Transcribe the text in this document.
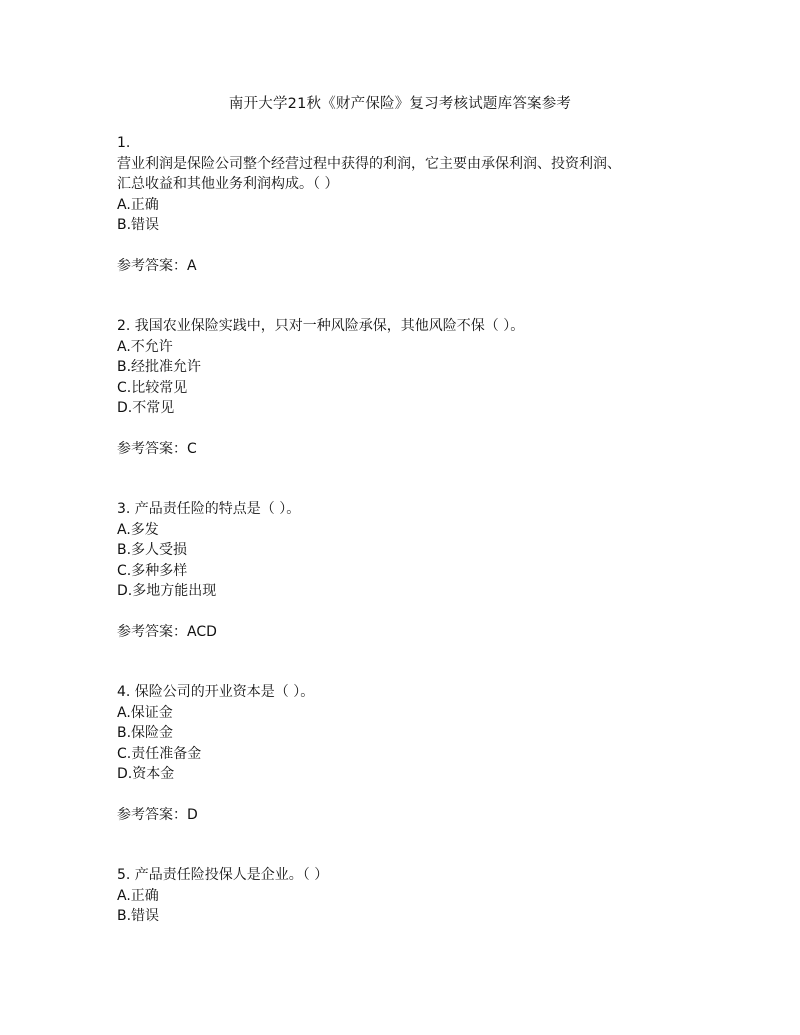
南开大学21秋《财产保险》复习考核试题库答案参考
1.
营业利润是保险公司整个经营过程中获得的利润，它主要由承保利润、投资利润、
汇总收益和其他业务利润构成。（ ）
A.正确
B.错误
参考答案：A
2. 我国农业保险实践中，只对一种风险承保，其他风险不保（ ）。
A.不允许
B.经批准允许
C.比较常见
D.不常见
参考答案：C
3. 产品责任险的特点是（ ）。
A.多发
B.多人受损
C.多种多样
D.多地方能出现
参考答案：ACD
4. 保险公司的开业资本是（ ）。
A.保证金
B.保险金
C.责任准备金
D.资本金
参考答案：D
5. 产品责任险投保人是企业。（ ）
A.正确
B.错误
